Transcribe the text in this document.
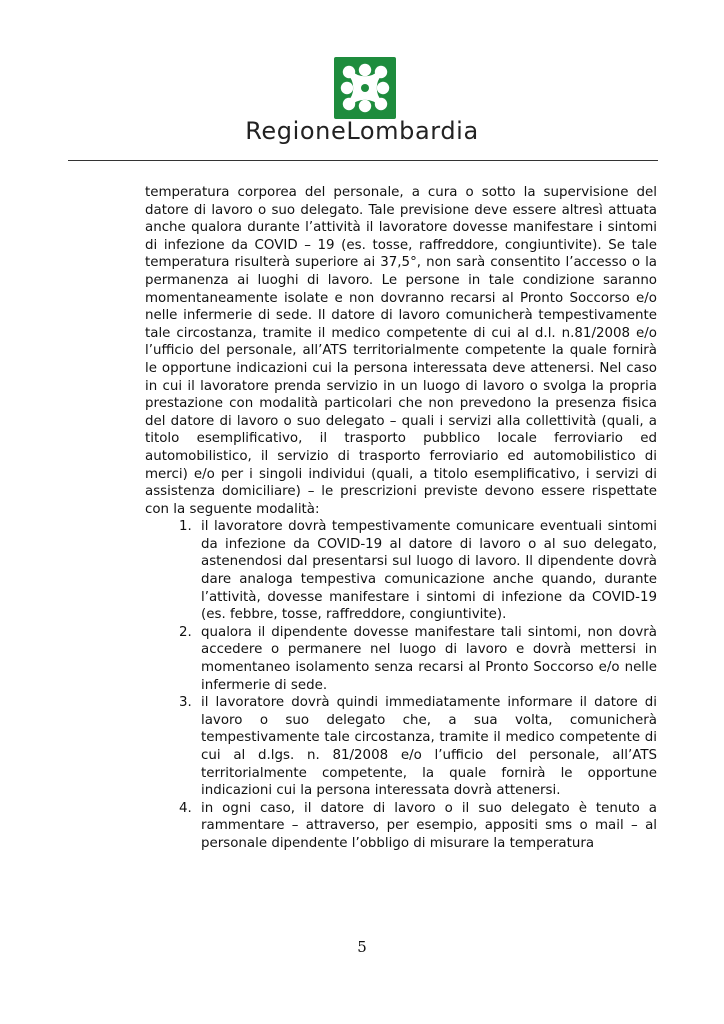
RegioneLombardia

temperatura corporea del personale, a cura o sotto la supervisione del datore di lavoro o suo delegato. Tale previsione deve essere altresì attuata anche qualora durante l’attività il lavoratore dovesse manifestare i sintomi di infezione da COVID – 19 (es. tosse, raffreddore, congiuntivite). Se tale temperatura risulterà superiore ai 37,5°, non sarà consentito l’accesso o la permanenza ai luoghi di lavoro. Le persone in tale condizione saranno momentaneamente isolate e non dovranno recarsi al Pronto Soccorso e/o nelle infermerie di sede. Il datore di lavoro comunicherà tempestivamente tale circostanza, tramite il medico competente di cui al d.l. n.81/2008 e/o l’ufficio del personale, all’ATS territorialmente competente la quale fornirà le opportune indicazioni cui la persona interessata deve attenersi. Nel caso in cui il lavoratore prenda servizio in un luogo di lavoro o svolga la propria prestazione con modalità particolari che non prevedono la presenza fisica del datore di lavoro o suo delegato – quali i servizi alla collettività (quali, a titolo esemplificativo, il trasporto pubblico locale ferroviario ed automobilistico, il servizio di trasporto ferroviario ed automobilistico di merci) e/o per i singoli individui (quali, a titolo esemplificativo, i servizi di assistenza domiciliare) – le prescrizioni previste devono essere rispettate con la seguente modalità:

1. il lavoratore dovrà tempestivamente comunicare eventuali sintomi da infezione da COVID-19 al datore di lavoro o al suo delegato, astenendosi dal presentarsi sul luogo di lavoro. Il dipendente dovrà dare analoga tempestiva comunicazione anche quando, durante l’attività, dovesse manifestare i sintomi di infezione da COVID-19 (es. febbre, tosse, raffreddore, congiuntivite).
2. qualora il dipendente dovesse manifestare tali sintomi, non dovrà accedere o permanere nel luogo di lavoro e dovrà mettersi in momentaneo isolamento senza recarsi al Pronto Soccorso e/o nelle infermerie di sede.
3. il lavoratore dovrà quindi immediatamente informare il datore di lavoro o suo delegato che, a sua volta, comunicherà tempestivamente tale circostanza, tramite il medico competente di cui al d.lgs. n. 81/2008 e/o l’ufficio del personale, all’ATS territorialmente competente, la quale fornirà le opportune indicazioni cui la persona interessata dovrà attenersi.
4. in ogni caso, il datore di lavoro o il suo delegato è tenuto a rammentare – attraverso, per esempio, appositi sms o mail – al personale dipendente l’obbligo di misurare la temperatura
5
